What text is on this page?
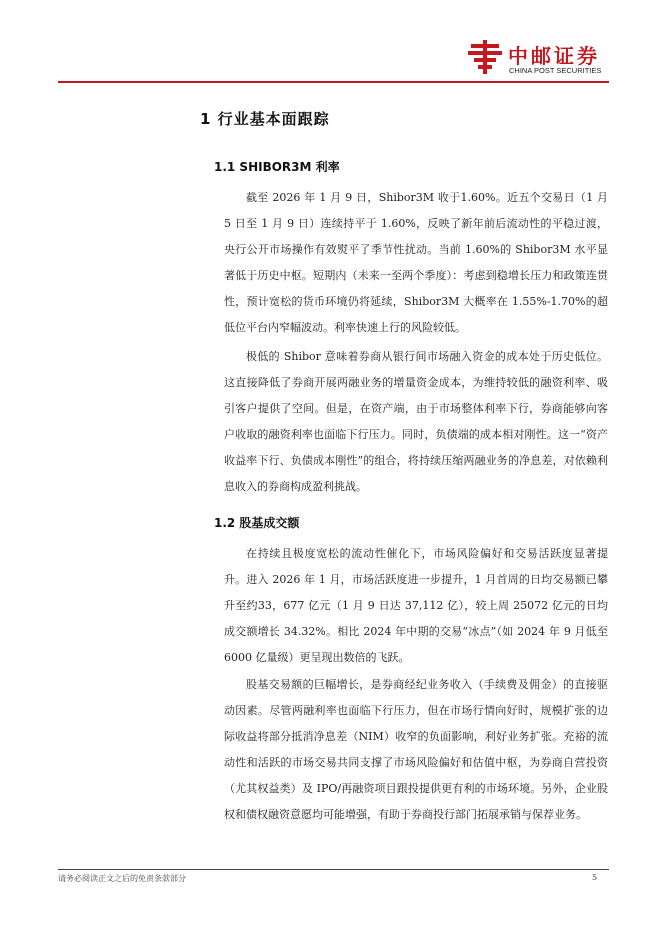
中邮证券
CHINA POST SECURITIES
1 行业基本面跟踪
1.1 SHIBOR3M 利率

截至 2026 年 1 月 9 日，Shibor3M 收于1.60%。近五个交易日（1 月 5 日至 1 月 9 日）连续持平于 1.60%，反映了新年前后流动性的平稳过渡，央行公开市场操作有效熨平了季节性扰动。当前 1.60%的 Shibor3M 水平显著低于历史中枢。短期内（未来一至两个季度）：考虑到稳增长压力和政策连贯性，预计宽松的货币环境仍将延续，Shibor3M 大概率在 1.55%-1.70%的超低位平台内窄幅波动。利率快速上行的风险较低。

极低的 Shibor 意味着券商从银行间市场融入资金的成本处于历史低位。这直接降低了券商开展两融业务的增量资金成本，为维持较低的融资利率、吸引客户提供了空间。但是，在资产端，由于市场整体利率下行，券商能够向客户收取的融资利率也面临下行压力。同时，负债端的成本相对刚性。这一“资产收益率下行、负债成本刚性”的组合，将持续压缩两融业务的净息差，对依赖利息收入的券商构成盈利挑战。

1.2 股基成交额

在持续且极度宽松的流动性催化下，市场风险偏好和交易活跃度显著提升。进入 2026 年 1 月，市场活跃度进一步提升，1 月首周的日均交易额已攀升至约33，677 亿元（1 月 9 日达 37,112 亿），较上周 25072 亿元的日均成交额增长 34.32%。相比 2024 年中期的交易“冰点”（如 2024 年 9 月低至 6000 亿量级）更呈现出数倍的飞跃。

股基交易额的巨幅增长，是券商经纪业务收入（手续费及佣金）的直接驱动因素。尽管两融利率也面临下行压力，但在市场行情向好时，规模扩张的边际收益将部分抵消净息差（NIM）收窄的负面影响，利好业务扩张。充裕的流动性和活跃的市场交易共同支撑了市场风险偏好和估值中枢，为券商自营投资（尤其权益类）及 IPO/再融资项目跟投提供更有利的市场环境。另外，企业股权和债权融资意愿均可能增强，有助于券商投行部门拓展承销与保荐业务。

请务必阅读正文之后的免责条款部分	5
